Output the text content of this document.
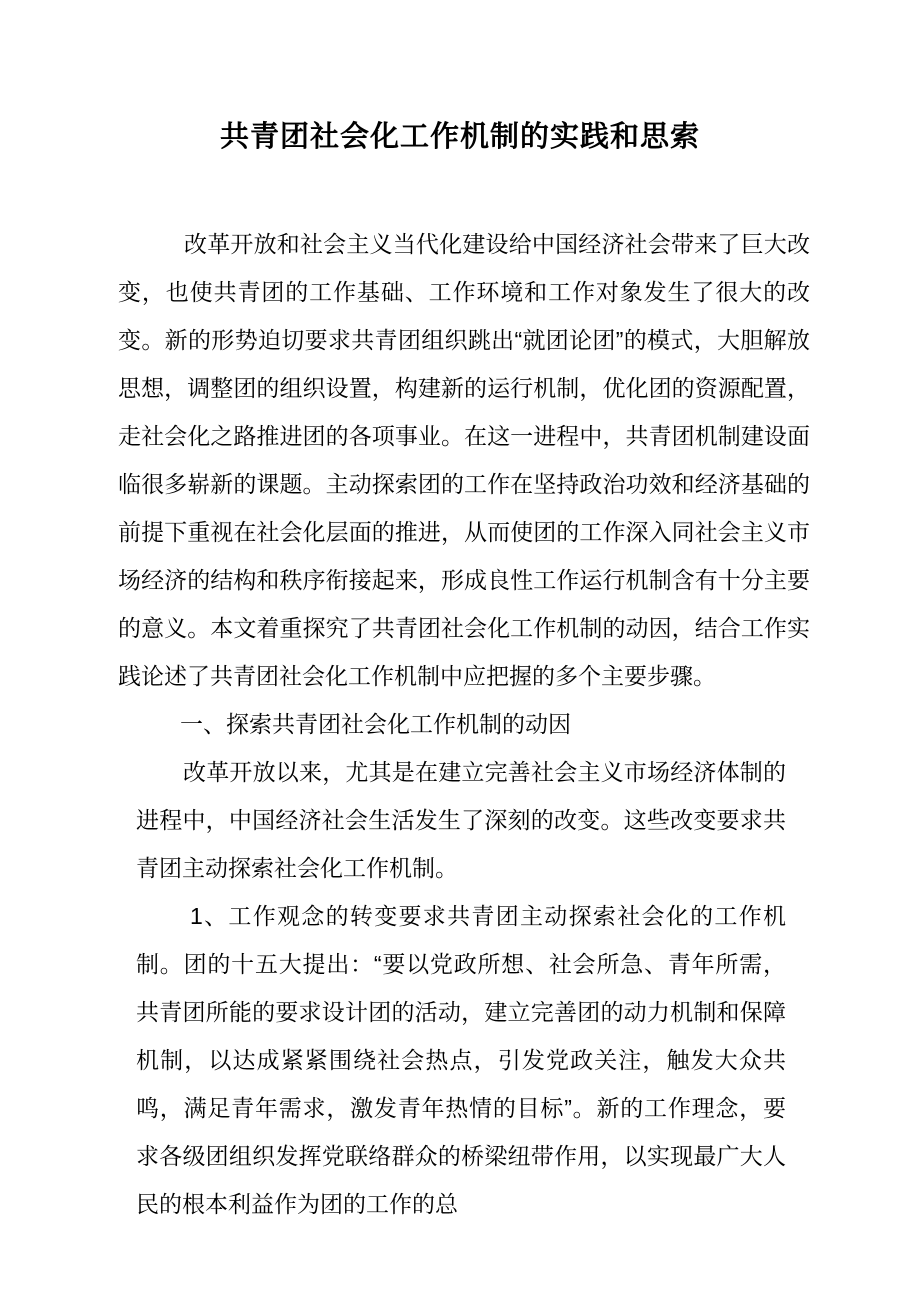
共青团社会化工作机制的实践和思索

改革开放和社会主义当代化建设给中国经济社会带来了巨大改变，也使共青团的工作基础、工作环境和工作对象发生了很大的改变。新的形势迫切要求共青团组织跳出“就团论团”的模式，大胆解放思想，调整团的组织设置，构建新的运行机制，优化团的资源配置，走社会化之路推进团的各项事业。在这一进程中，共青团机制建设面临很多崭新的课题。主动探索团的工作在坚持政治功效和经济基础的前提下重视在社会化层面的推进，从而使团的工作深入同社会主义市场经济的结构和秩序衔接起来，形成良性工作运行机制含有十分主要的意义。本文着重探究了共青团社会化工作机制的动因，结合工作实践论述了共青团社会化工作机制中应把握的多个主要步骤。

一、探索共青团社会化工作机制的动因

改革开放以来，尤其是在建立完善社会主义市场经济体制的进程中，中国经济社会生活发生了深刻的改变。这些改变要求共青团主动探索社会化工作机制。

1、工作观念的转变要求共青团主动探索社会化的工作机制。团的十五大提出：“要以党政所想、社会所急、青年所需，共青团所能的要求设计团的活动，建立完善团的动力机制和保障机制，以达成紧紧围绕社会热点，引发党政关注，触发大众共鸣，满足青年需求，激发青年热情的目标”。新的工作理念，要求各级团组织发挥党联络群众的桥梁纽带作用，以实现最广大人民的根本利益作为团的工作的总
